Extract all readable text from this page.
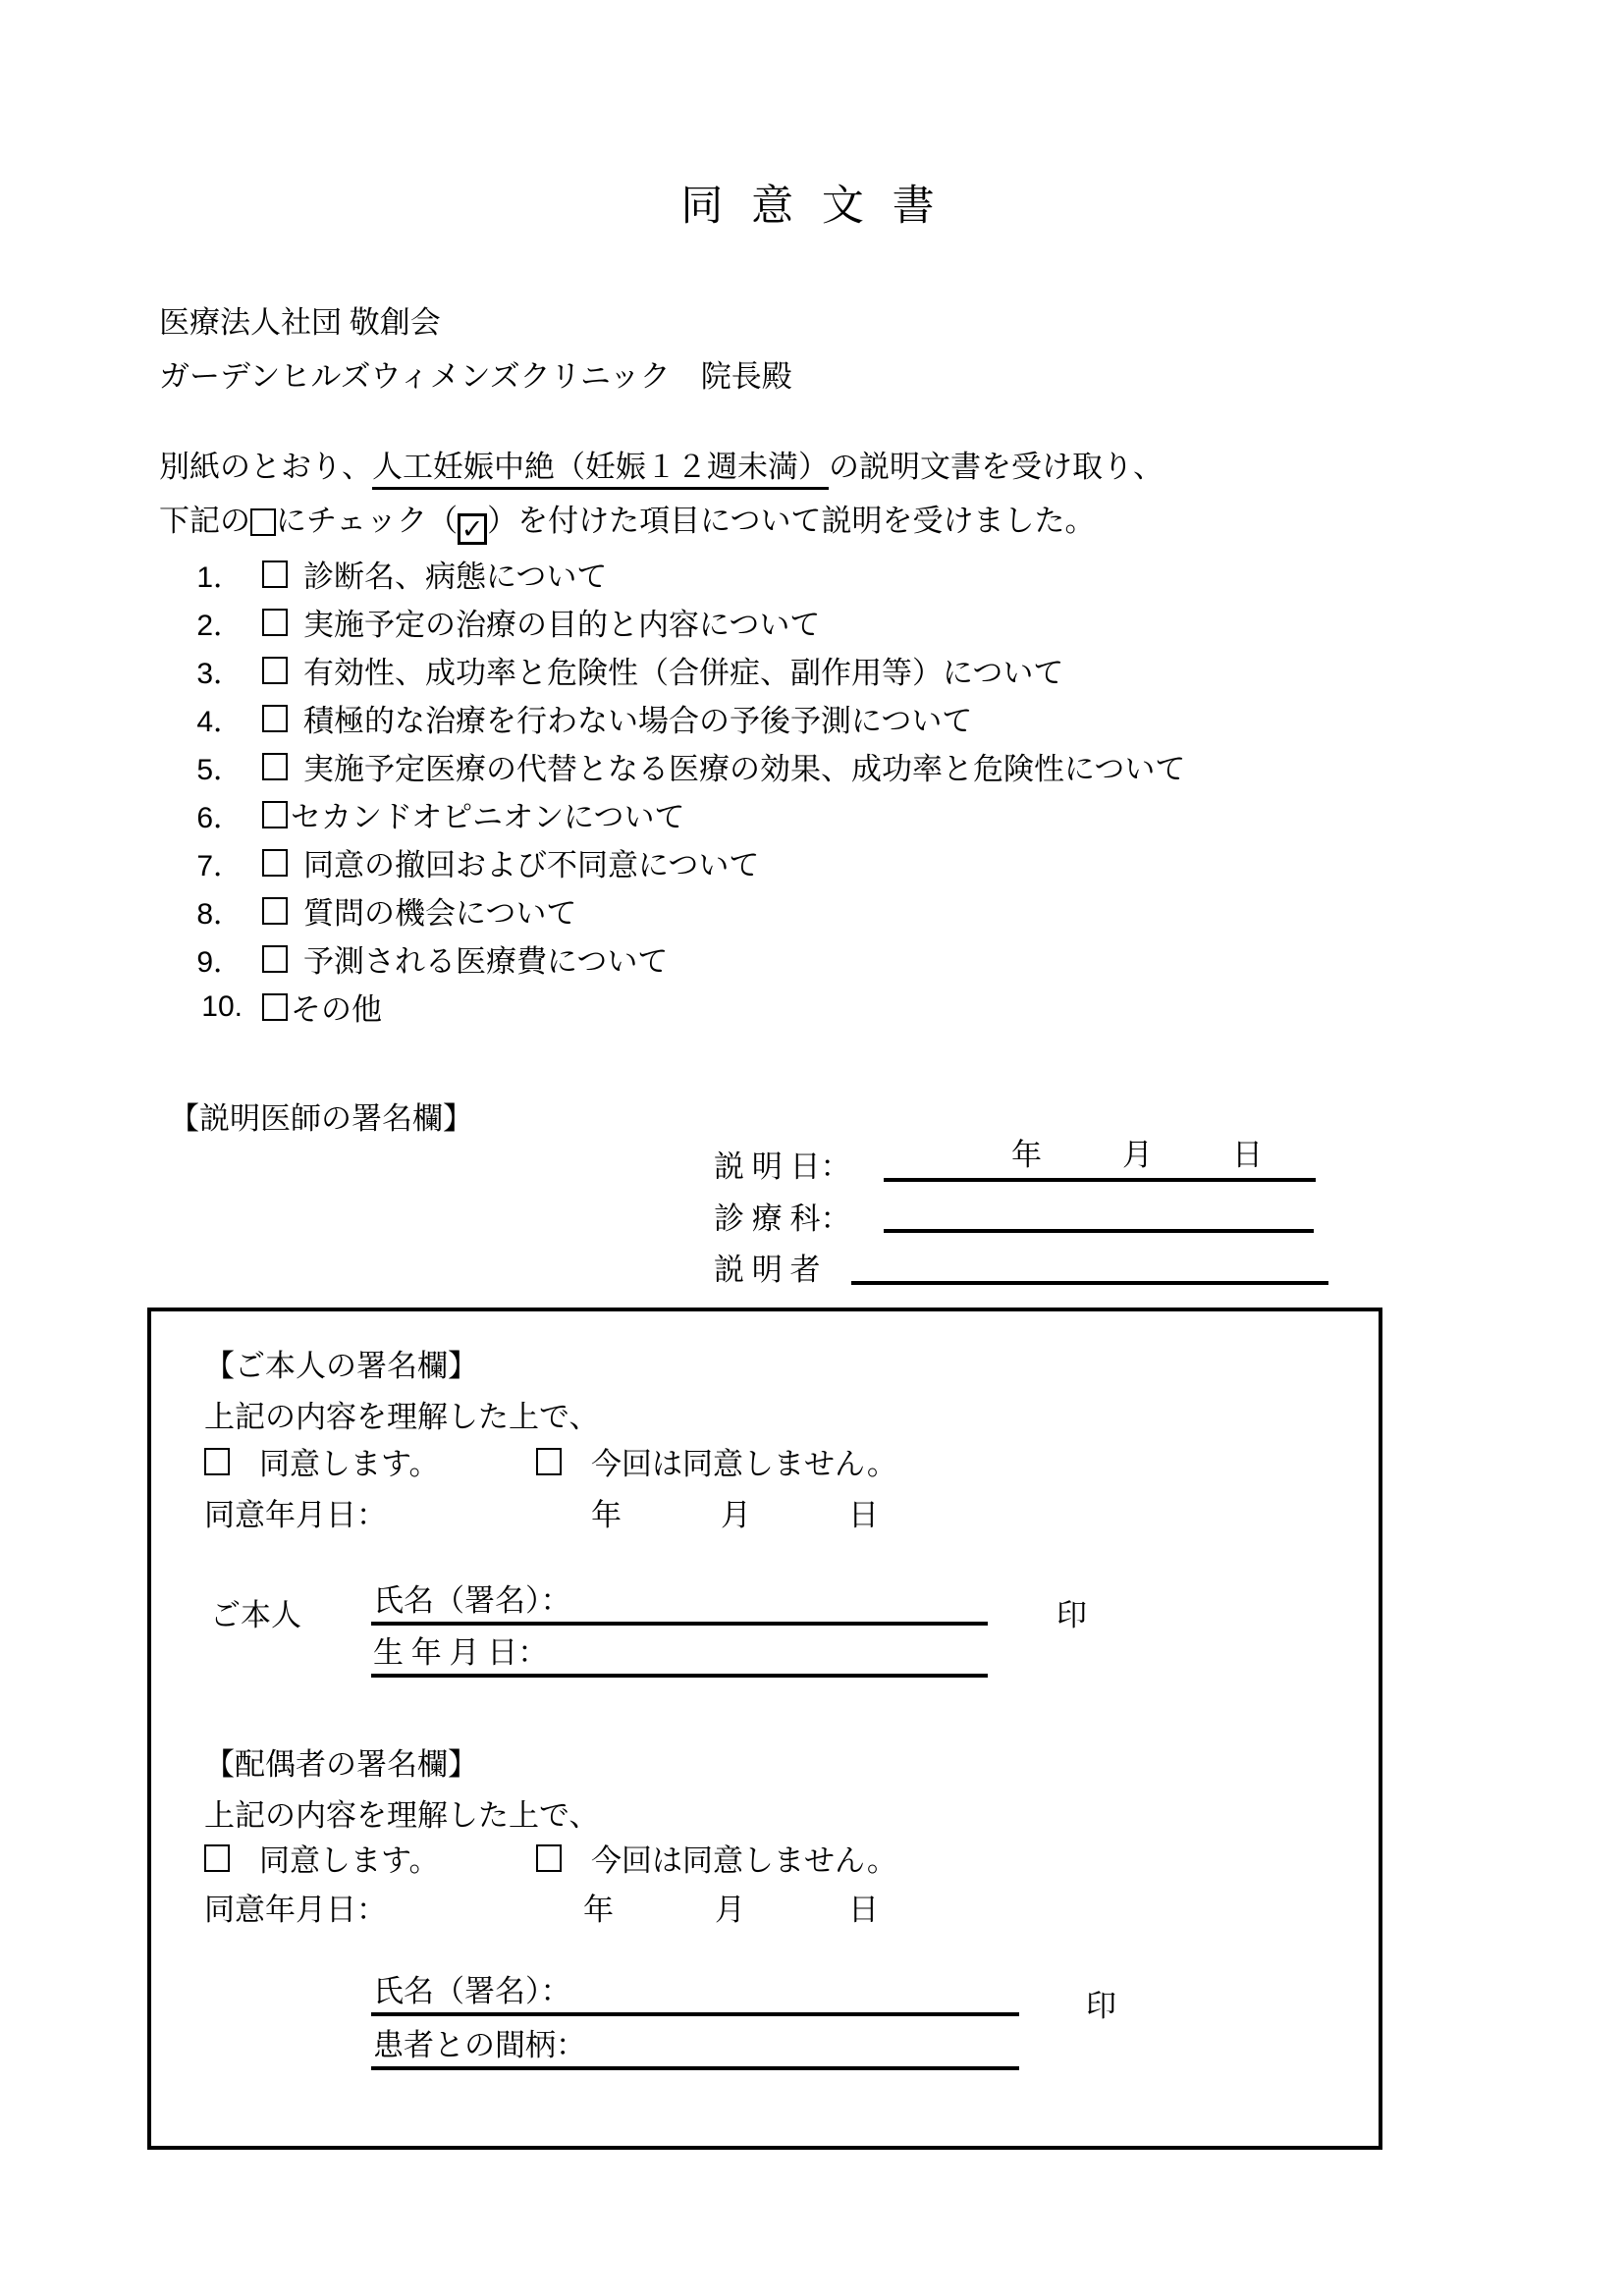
同 意 文 書
医療法人社団 敬創会
ガーデンヒルズウィメンズクリニック　院長殿
別紙のとおり、人工妊娠中絶（妊娠１２週未満）の説明文書を受け取り、
下記の にチェック（ ✓ ）を付けた項目について説明を受けました。
1． 診断名、病態について
2． 実施予定の治療の目的と内容について
3． 有効性、成功率と危険性（合併症、副作用等）について
4． 積極的な治療を行わない場合の予後予測について
5． 実施予定医療の代替となる医療の効果、成功率と危険性について
6． セカンドオピニオンについて
7． 同意の撤回および不同意について
8． 質問の機会について
9． 予測される医療費について
10. その他
【説明医師の署名欄】
説 明 日：	年	月	日
診 療 科：
説 明 者
【ご本人の署名欄】
上記の内容を理解した上で、
同意します。	今回は同意しません。
同意年月日：	年	月	日
ご本人 氏名（署名）：	印
生 年 月 日：
【配偶者の署名欄】
上記の内容を理解した上で、
同意します。	今回は同意しません。
同意年月日：	年	月	日
氏名（署名）：	印
患者との間柄：
